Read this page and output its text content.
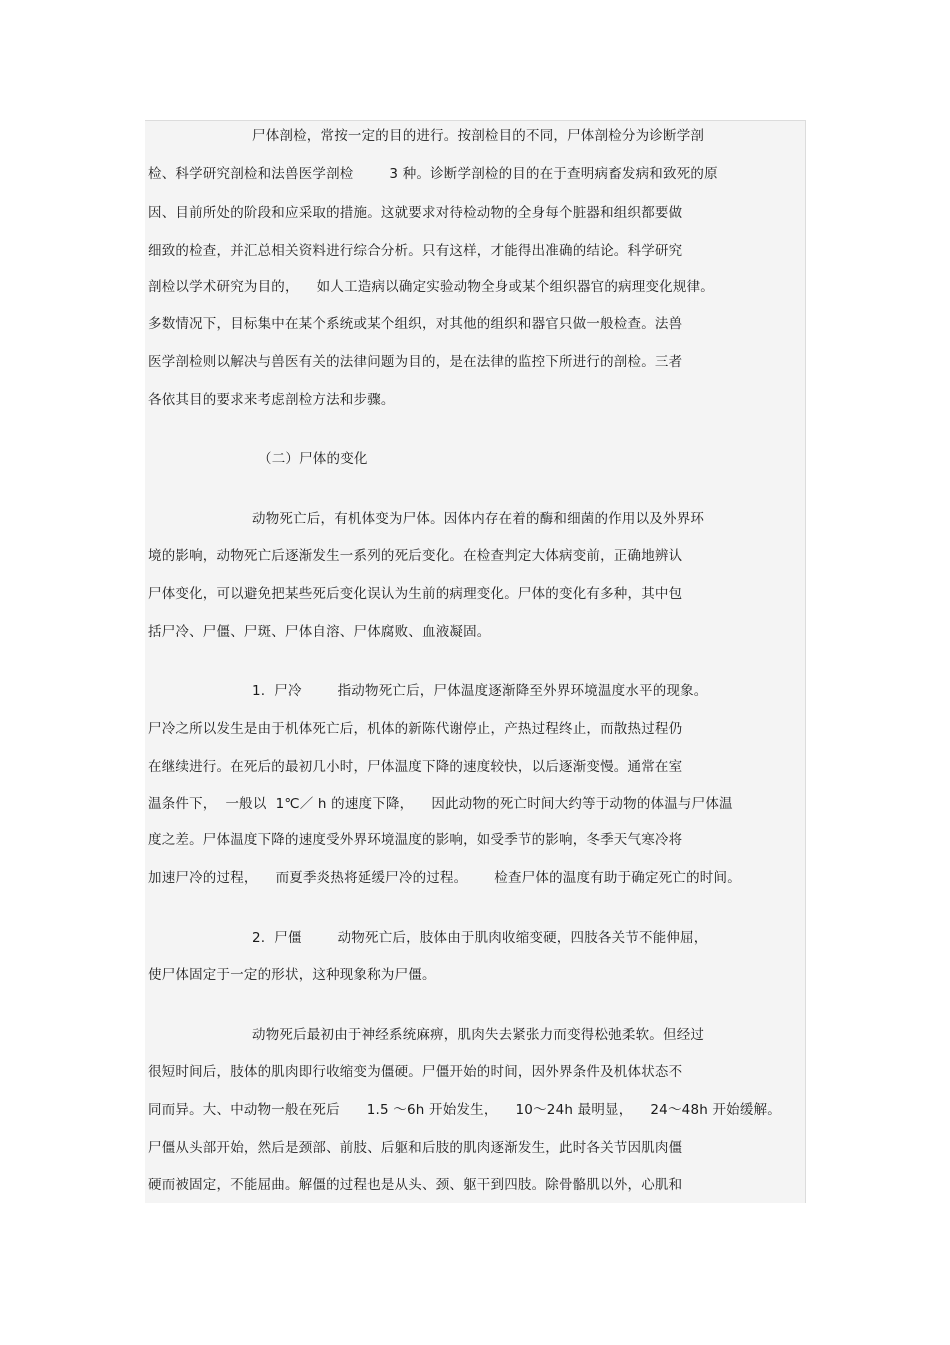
尸体剖检，常按一定的目的进行。按剖检目的不同，尸体剖检分为诊断学剖
检、科学研究剖检和法兽医学剖检        3 种。诊断学剖检的目的在于查明病畜发病和致死的原
因、目前所处的阶段和应采取的措施。这就要求对待检动物的全身每个脏器和组织都要做
细致的检查，并汇总相关资料进行综合分析。只有这样，才能得出准确的结论。科学研究
剖检以学术研究为目的，    如人工造病以确定实验动物全身或某个组织器官的病理变化规律。
多数情况下，目标集中在某个系统或某个组织，对其他的组织和器官只做一般检查。法兽
医学剖检则以解决与兽医有关的法律问题为目的，是在法律的监控下所进行的剖检。三者
各依其目的要求来考虑剖检方法和步骤。
（二）尸体的变化
动物死亡后，有机体变为尸体。因体内存在着的酶和细菌的作用以及外界环
境的影响，动物死亡后逐渐发生一系列的死后变化。在检查判定大体病变前，正确地辨认
尸体变化，可以避免把某些死后变化误认为生前的病理变化。尸体的变化有多种，其中包
括尸冷、尸僵、尸斑、尸体自溶、尸体腐败、血液凝固。
1.  尸冷        指动物死亡后，尸体温度逐渐降至外界环境温度水平的现象。
尸冷之所以发生是由于机体死亡后，机体的新陈代谢停止，产热过程终止，而散热过程仍
在继续进行。在死后的最初几小时，尸体温度下降的速度较快，以后逐渐变慢。通常在室
温条件下，  一般以  1℃／ h 的速度下降，    因此动物的死亡时间大约等于动物的体温与尸体温
度之差。尸体温度下降的速度受外界环境温度的影响，如受季节的影响，冬季天气寒冷将
加速尸冷的过程，    而夏季炎热将延缓尸冷的过程。      检查尸体的温度有助于确定死亡的时间。
2.  尸僵        动物死亡后，肢体由于肌肉收缩变硬，四肢各关节不能伸屈，
使尸体固定于一定的形状，这种现象称为尸僵。
动物死后最初由于神经系统麻痹，肌肉失去紧张力而变得松弛柔软。但经过
很短时间后，肢体的肌肉即行收缩变为僵硬。尸僵开始的时间，因外界条件及机体状态不
同而异。大、中动物一般在死后      1.5 ～6h 开始发生，    10～24h 最明显，    24～48h 开始缓解。
尸僵从头部开始，然后是颈部、前肢、后躯和后肢的肌肉逐渐发生，此时各关节因肌肉僵
硬而被固定，不能屈曲。解僵的过程也是从头、颈、躯干到四肢。除骨骼肌以外，心肌和
